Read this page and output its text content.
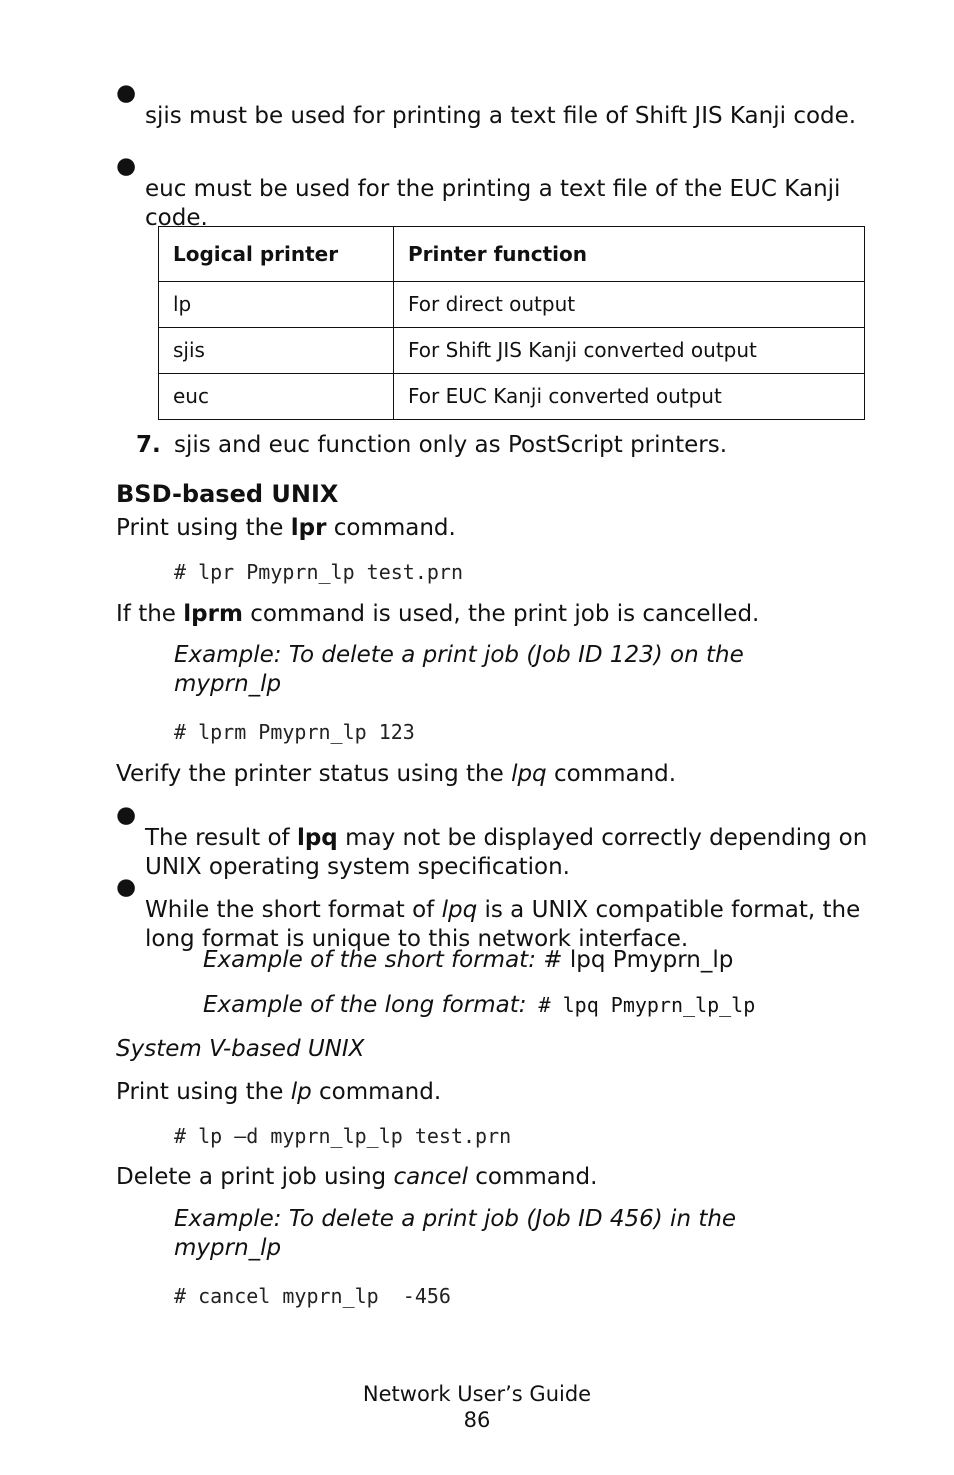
●

sjis must be used for printing a text file of Shift JIS Kanji code.

●

euc must be used for the printing a text file of the EUC Kanji code.

Logical printer	Printer function
lp	For direct output
sjis	For Shift JIS Kanji converted output
euc	For EUC Kanji converted output
7. sjis and euc function only as PostScript printers.
BSD-based UNIX

Print using the lpr command.

# lpr Pmyprn_lp test.prn

If the lprm command is used, the print job is cancelled.

Example: To delete a print job (Job ID 123) on the myprn_lp

# lprm Pmyprn_lp 123

Verify the printer status using the lpq command.

●

The result of lpq may not be displayed correctly depending on UNIX operating system specification.

●

While the short format of lpq is a UNIX compatible format, the long format is unique to this network interface.

Example of the short format: # lpq Pmyprn_lp

Example of the long format: # lpq Pmyprn_lp_lp

System V-based UNIX

Print using the lp command.

# lp –d myprn_lp_lp test.prn

Delete a print job using cancel command.

Example: To delete a print job (Job ID 456) in the myprn_lp

# cancel myprn_lp  -456
Network User’s Guide
86
